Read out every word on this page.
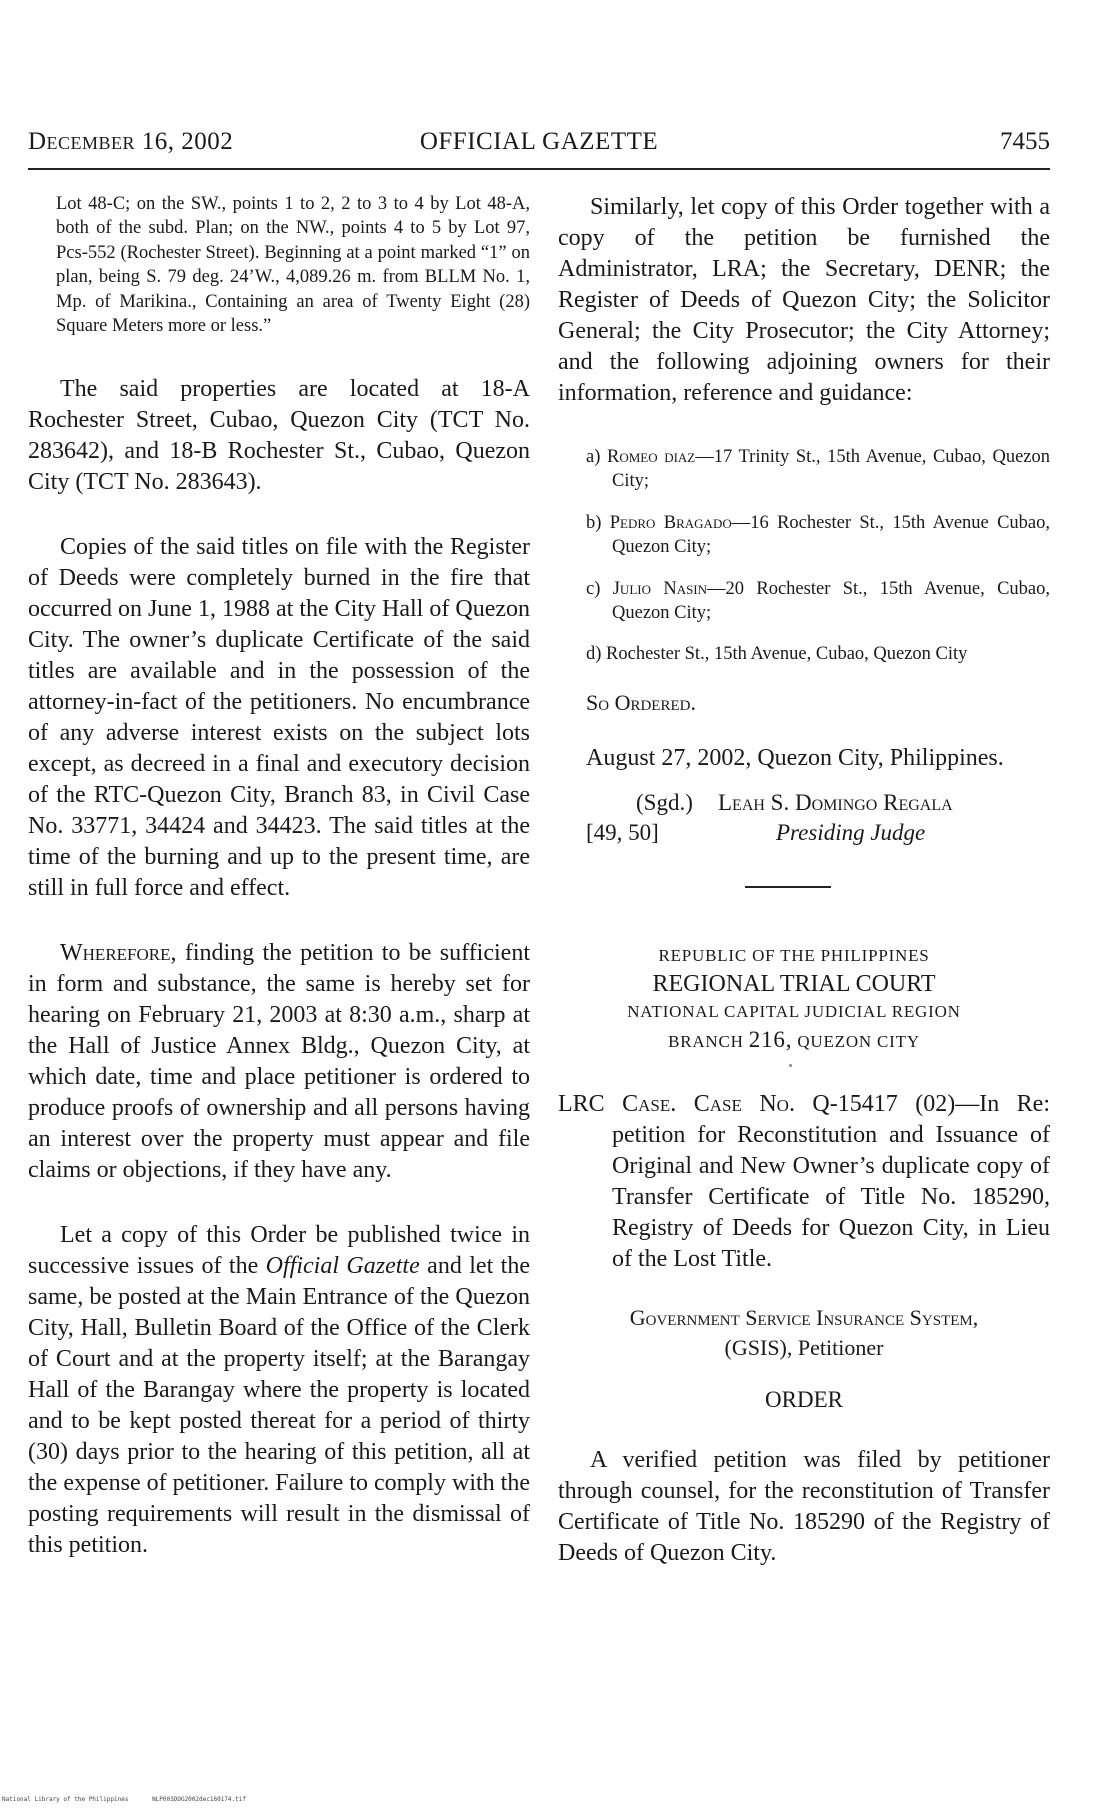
December 16, 2002	OFFICIAL GAZETTE	7455

Lot 48-C; on the SW., points 1 to 2, 2 to 3 to 4 by Lot 48-A, both of the subd. Plan; on the NW., points 4 to 5 by Lot 97, Pcs-552 (Rochester Street). Beginning at a point marked “1” on plan, being S. 79 deg. 24’W., 4,089.26 m. from BLLM No. 1, Mp. of Marikina., Containing an area of Twenty Eight (28) Square Meters more or less.”

The said properties are located at 18-A Rochester Street, Cubao, Quezon City (TCT No. 283642), and 18-B Rochester St., Cubao, Quezon City (TCT No. 283643).

Copies of the said titles on file with the Register of Deeds were completely burned in the fire that occurred on June 1, 1988 at the City Hall of Quezon City. The owner’s duplicate Certificate of the said titles are available and in the possession of the attorney-in-fact of the petitioners. No encumbrance of any adverse interest exists on the subject lots except, as decreed in a final and executory decision of the RTC-Quezon City, Branch 83, in Civil Case No. 33771, 34424 and 34423. The said titles at the time of the burning and up to the present time, are still in full force and effect.

Wherefore, finding the petition to be sufficient in form and substance, the same is hereby set for hearing on February 21, 2003 at 8:30 a.m., sharp at the Hall of Justice Annex Bldg., Quezon City, at which date, time and place petitioner is ordered to produce proofs of ownership and all persons having an interest over the property must appear and file claims or objections, if they have any.

Let a copy of this Order be published twice in successive issues of the Official Gazette and let the same, be posted at the Main Entrance of the Quezon City, Hall, Bulletin Board of the Office of the Clerk of Court and at the property itself; at the Barangay Hall of the Barangay where the property is located and to be kept posted thereat for a period of thirty (30) days prior to the hearing of this petition, all at the expense of petitioner. Failure to comply with the posting requirements will result in the dismissal of this petition.

Similarly, let copy of this Order together with a copy of the petition be furnished the Administrator, LRA; the Secretary, DENR; the Register of Deeds of Quezon City; the Solicitor General; the City Prosecutor; the City Attorney; and the following adjoining owners for their information, reference and guidance:

a) Romeo diaz—17 Trinity St., 15th Avenue, Cubao, Quezon City;

b) Pedro Bragado—16 Rochester St., 15th Avenue Cubao, Quezon City;

c) Julio Nasin—20 Rochester St., 15th Avenue, Cubao, Quezon City;

d) Rochester St., 15th Avenue, Cubao, Quezon City

So Ordered.

August 27, 2002, Quezon City, Philippines.

(Sgd.) Leah S. Domingo Regala
[49, 50]	Presiding Judge
REPUBLIC OF THE PHILIPPINES
REGIONAL TRIAL COURT
NATIONAL CAPITAL JUDICIAL REGION
BRANCH 216, QUEZON CITY

LRC Case. Case No. Q-15417 (02)—In Re: petition for Reconstitution and Issuance of Original and New Owner’s duplicate copy of Transfer Certificate of Title No. 185290, Registry of Deeds for Quezon City, in Lieu of the Lost Title.

Government Service Insurance System,
(GSIS), Petitioner
ORDER

A verified petition was filed by petitioner through counsel, for the reconstitution of Transfer Certificate of Title No. 185290 of the Registry of Deeds of Quezon City.

National Library of the Philippines	NLP003DOG2002dec160174.tif
